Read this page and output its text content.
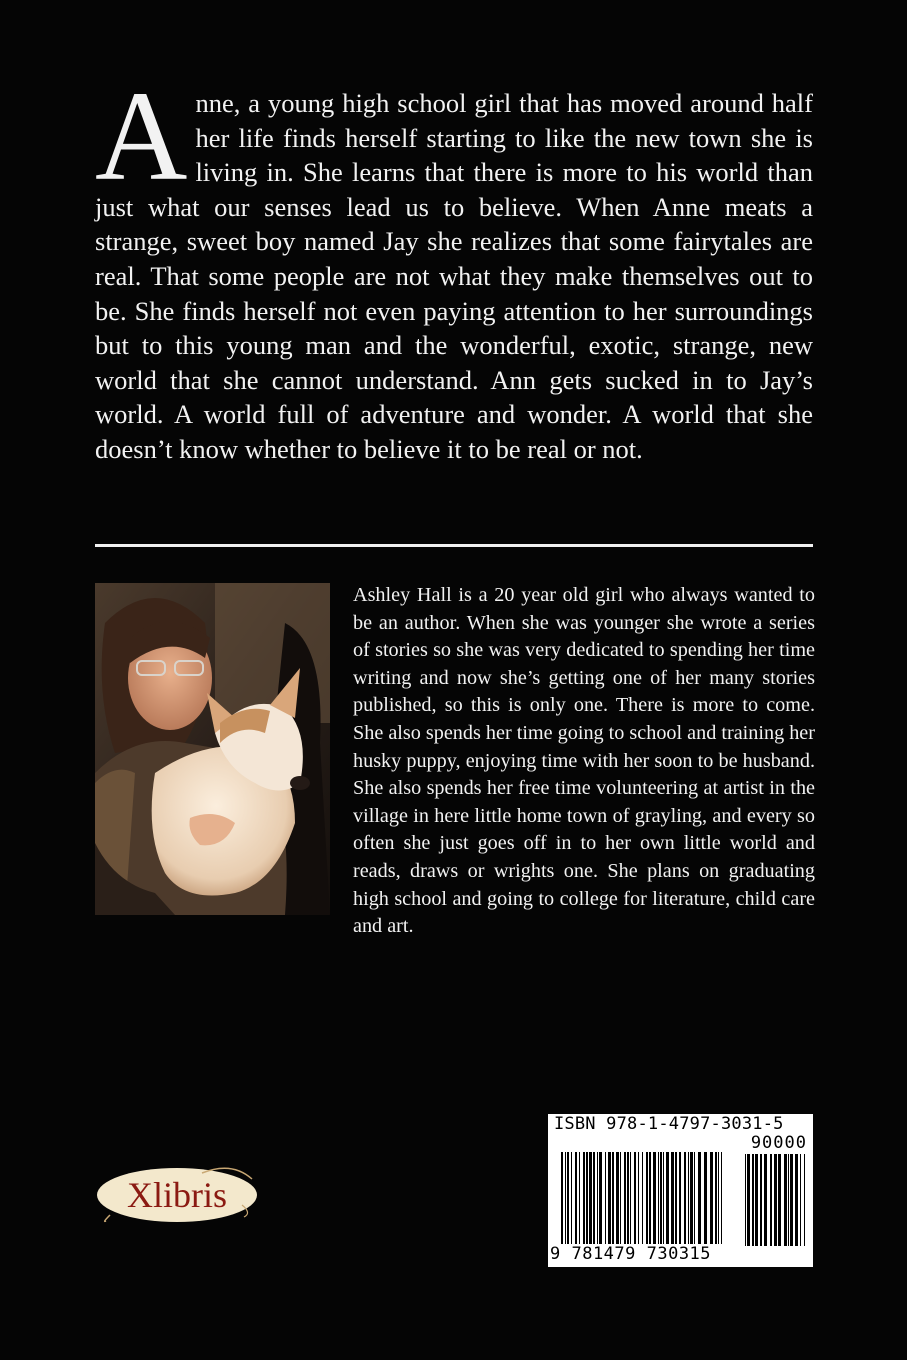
Anne, a young high school girl that has moved around half her life finds herself starting to like the new town she is living in. She learns that there is more to his world than just what our senses lead us to believe. When Anne meats a strange, sweet boy named Jay she realizes that some fairytales are real. That some people are not what they make themselves out to be. She finds herself not even paying attention to her surroundings but to this young man and the wonderful, exotic, strange, new world that she cannot understand. Ann gets sucked in to Jay’s world. A world full of adventure and wonder. A world that she doesn’t know whether to believe it to be real or not.

Ashley Hall is a 20 year old girl who always wanted to be an author. When she was younger she wrote a series of stories so she was very dedicated to spending her time writing and now she’s getting one of her many stories published, so this is only one. There is more to come. She also spends her time going to school and training her husky puppy, enjoying time with her soon to be husband. She also spends her free time volunteering at artist in the village in here little home town of grayling, and every so often she just goes off in to her own little world and reads, draws or wrights one. She plans on graduating high school and going to college for literature, child care and art.

Xlibris
ISBN 978-1-4797-3031-5
90000
9 781479 730315
